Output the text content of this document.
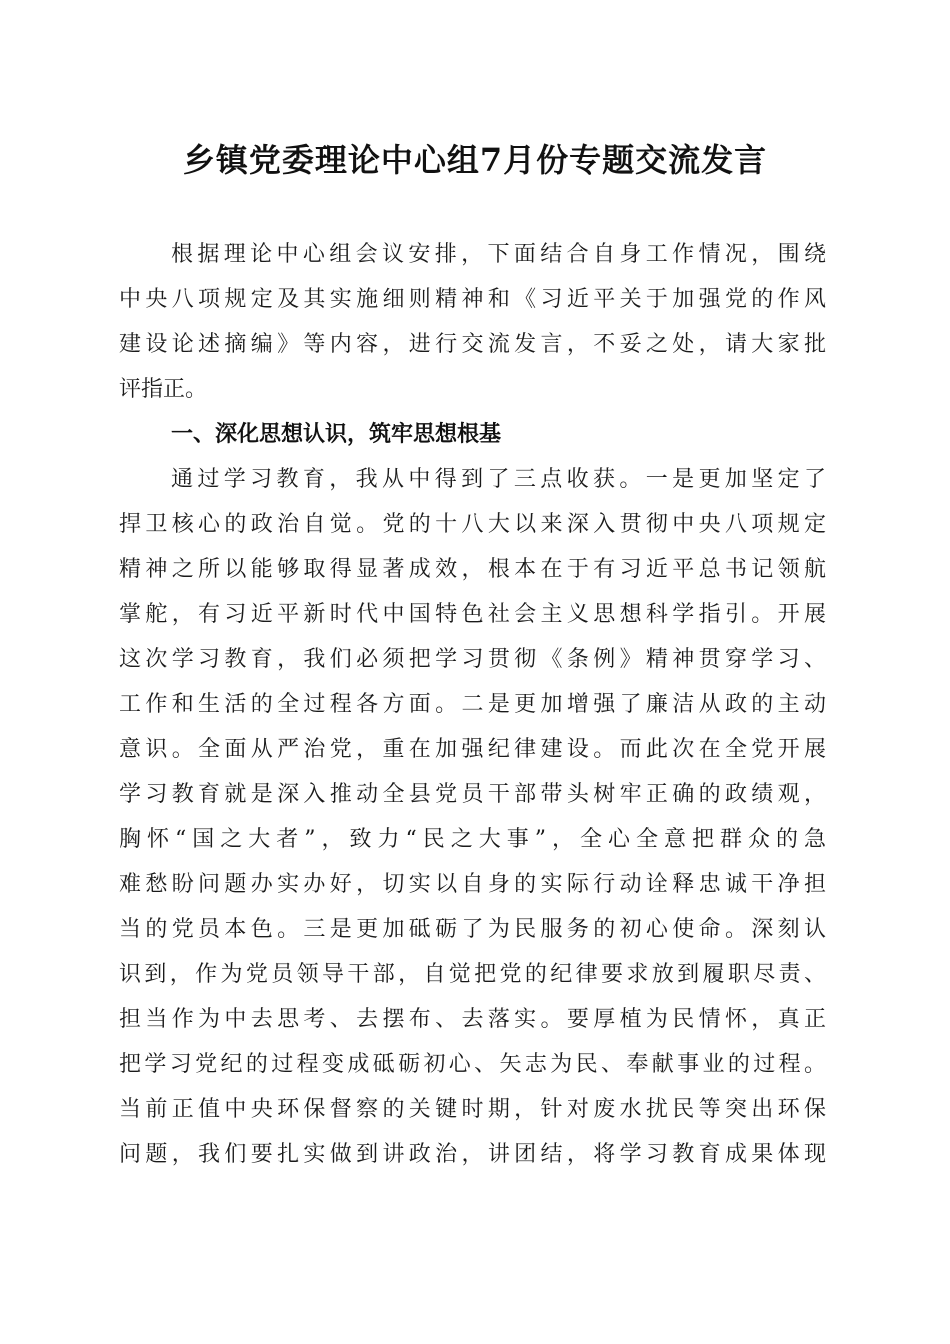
乡镇党委理论中心组7月份专题交流发言

根据理论中心组会议安排，下面结合自身工作情况，围绕

中央八项规定及其实施细则精神和《习近平关于加强党的作风

建设论述摘编》等内容，进行交流发言，不妥之处，请大家批

评指正。

一、深化思想认识，筑牢思想根基

通过学习教育，我从中得到了三点收获。一是更加坚定了

捍卫核心的政治自觉。党的十八大以来深入贯彻中央八项规定

精神之所以能够取得显著成效，根本在于有习近平总书记领航

掌舵，有习近平新时代中国特色社会主义思想科学指引。开展

这次学习教育，我们必须把学习贯彻《条例》精神贯穿学习、

工作和生活的全过程各方面。二是更加增强了廉洁从政的主动

意识。全面从严治党，重在加强纪律建设。而此次在全党开展

学习教育就是深入推动全县党员干部带头树牢正确的政绩观，

胸怀“国之大者”，致力“民之大事”，全心全意把群众的急

难愁盼问题办实办好，切实以自身的实际行动诠释忠诚干净担

当的党员本色。三是更加砥砺了为民服务的初心使命。深刻认

识到，作为党员领导干部，自觉把党的纪律要求放到履职尽责、

担当作为中去思考、去摆布、去落实。要厚植为民情怀，真正

把学习党纪的过程变成砥砺初心、矢志为民、奉献事业的过程。

当前正值中央环保督察的关键时期，针对废水扰民等突出环保

问题，我们要扎实做到讲政治，讲团结，将学习教育成果体现
